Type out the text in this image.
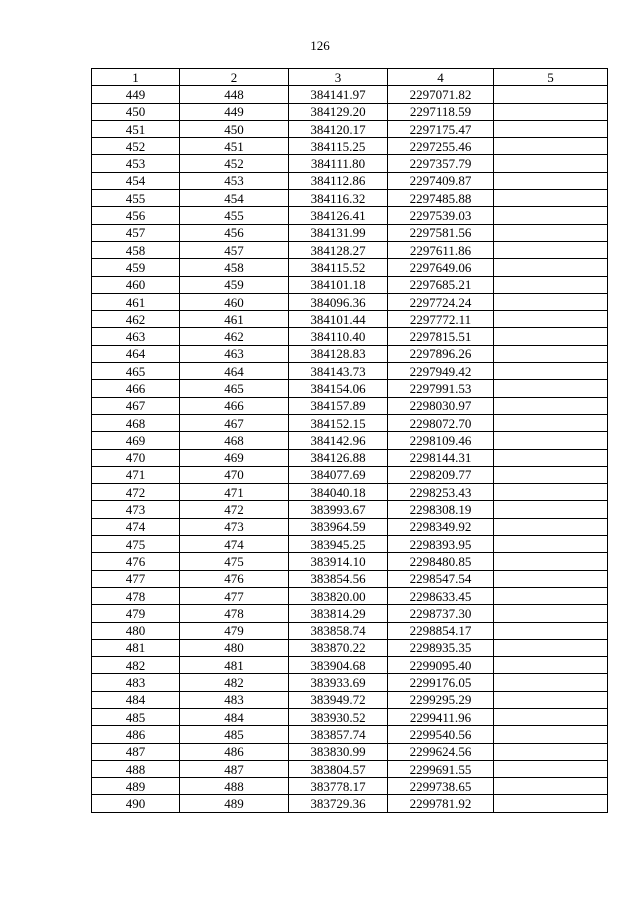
126
1	2	3	4	5
449	448	384141.97	2297071.82	
450	449	384129.20	2297118.59	
451	450	384120.17	2297175.47	
452	451	384115.25	2297255.46	
453	452	384111.80	2297357.79	
454	453	384112.86	2297409.87	
455	454	384116.32	2297485.88	
456	455	384126.41	2297539.03	
457	456	384131.99	2297581.56	
458	457	384128.27	2297611.86	
459	458	384115.52	2297649.06	
460	459	384101.18	2297685.21	
461	460	384096.36	2297724.24	
462	461	384101.44	2297772.11	
463	462	384110.40	2297815.51	
464	463	384128.83	2297896.26	
465	464	384143.73	2297949.42	
466	465	384154.06	2297991.53	
467	466	384157.89	2298030.97	
468	467	384152.15	2298072.70	
469	468	384142.96	2298109.46	
470	469	384126.88	2298144.31	
471	470	384077.69	2298209.77	
472	471	384040.18	2298253.43	
473	472	383993.67	2298308.19	
474	473	383964.59	2298349.92	
475	474	383945.25	2298393.95	
476	475	383914.10	2298480.85	
477	476	383854.56	2298547.54	
478	477	383820.00	2298633.45	
479	478	383814.29	2298737.30	
480	479	383858.74	2298854.17	
481	480	383870.22	2298935.35	
482	481	383904.68	2299095.40	
483	482	383933.69	2299176.05	
484	483	383949.72	2299295.29	
485	484	383930.52	2299411.96	
486	485	383857.74	2299540.56	
487	486	383830.99	2299624.56	
488	487	383804.57	2299691.55	
489	488	383778.17	2299738.65	
490	489	383729.36	2299781.92	
